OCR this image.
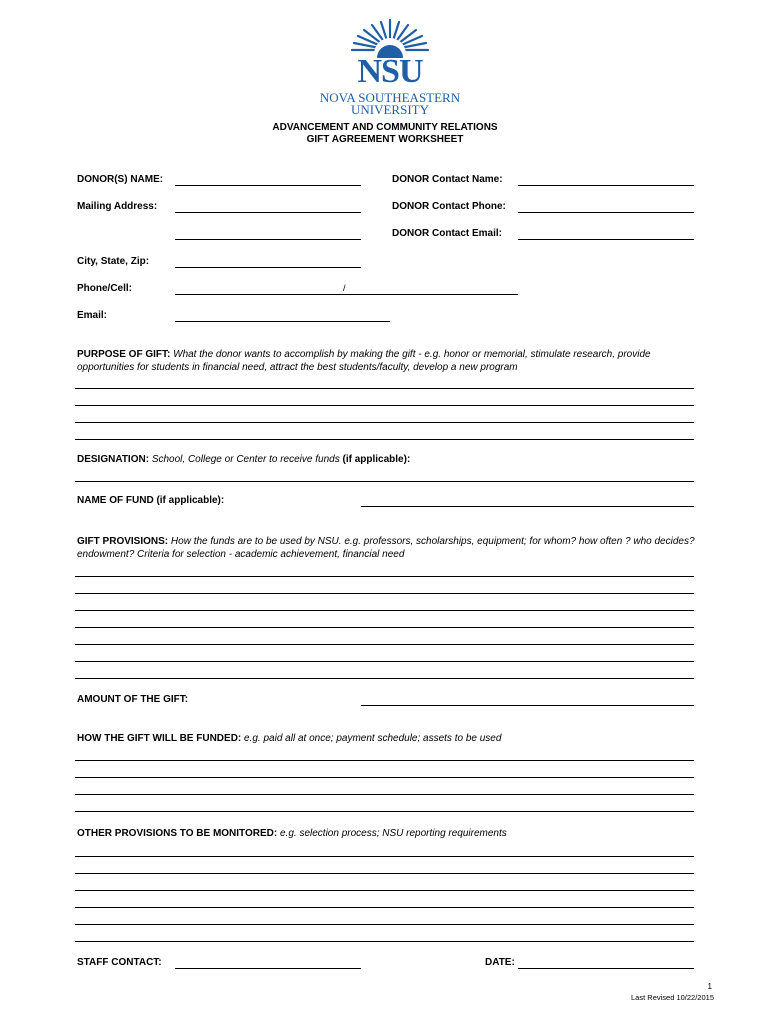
NSU
NOVA SOUTHEASTERN
UNIVERSITY
ADVANCEMENT AND COMMUNITY RELATIONS
GIFT AGREEMENT WORKSHEET
DONOR(S) NAME:
Mailing Address:
City, State, Zip:
Phone/Cell:	/
Email:
DONOR Contact Name:
DONOR Contact Phone:
DONOR Contact Email:
PURPOSE OF GIFT: What the donor wants to accomplish by making the gift - e.g. honor or memorial, stimulate research, provide opportunities for students in financial need, attract the best students/faculty, develop a new program
DESIGNATION: School, College or Center to receive funds (if applicable):
NAME OF FUND (if applicable):
GIFT PROVISIONS: How the funds are to be used by NSU. e.g. professors, scholarships, equipment; for whom? how often ? who decides? endowment? Criteria for selection - academic achievement, financial need
AMOUNT OF THE GIFT:
HOW THE GIFT WILL BE FUNDED: e.g. paid all at once; payment schedule; assets to be used
OTHER PROVISIONS TO BE MONITORED: e.g. selection process; NSU reporting requirements
STAFF CONTACT:	DATE:
1
Last Revised 10/22/2015
